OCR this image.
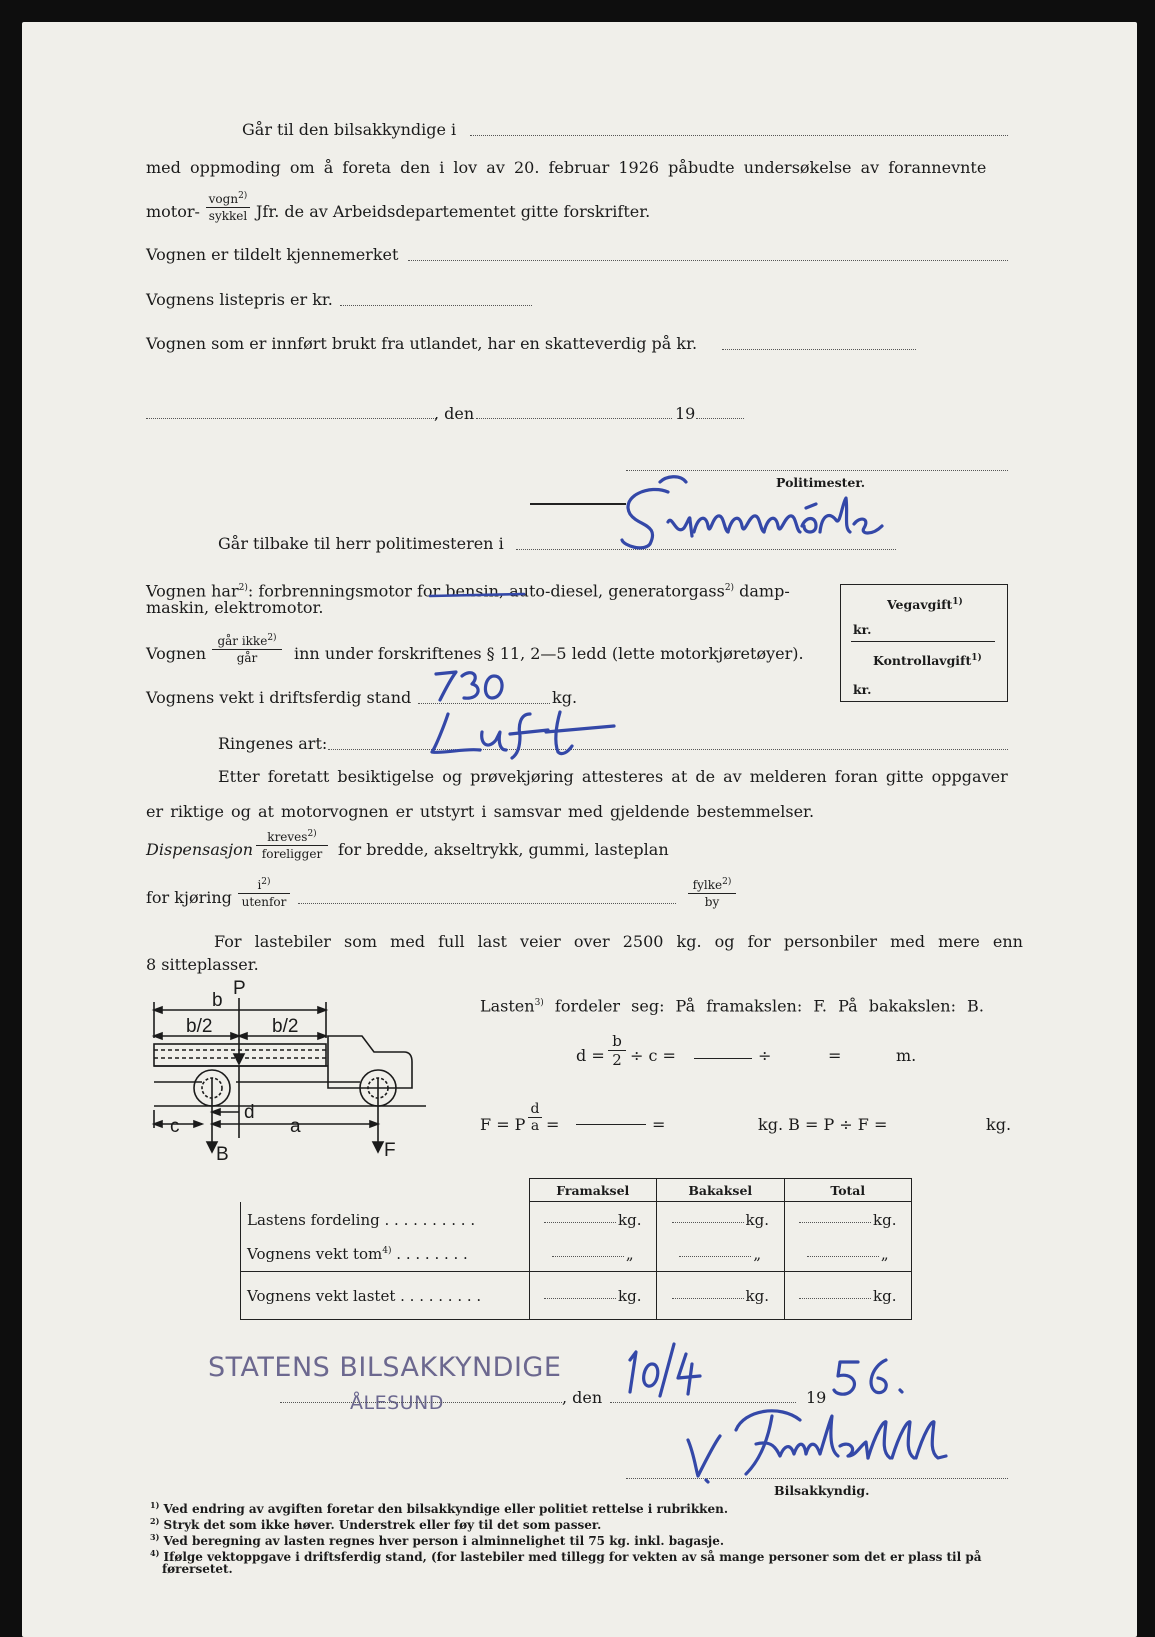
Går til den bilsakkyndige i
med oppmoding om å foreta den i lov av 20. februar 1926 påbudte undersøkelse av forannevnte
motor-
vogn$^{2)}$
sykkel Jfr. de av Arbeidsdepartementet gitte forskrifter.
Vognen er tildelt kjennemerket
Vognens listepris er kr.
Vognen som er innført brukt fra utlandet, har en skatteverdig på kr.
, den	19
Politimester.
Går tilbake til herr politimesteren i
Vognen har$^{2)}$: forbrenningsmotor for bensin, auto-diesel, generatorgass$^{2)}$ damp-
maskin, elektromotor.	Vegavgift$^{1)}$
kr.
Kontrollavgift$^{1)}$
kr.
Vognen
går ikke$^{2)}$
går	inn under forskriftenes § 11, 2—5 ledd (lette motorkjøretøyer).
Vognens vekt i driftsferdig stand	kg.
Ringenes art:
Etter foretatt besiktigelse og prøvekjøring attesteres at de av melderen foran gitte oppgaver
er riktige og at motorvognen er utstyrt i samsvar med gjeldende bestemmelser.
Dispensasjon
kreves$^{2)}$
foreligger for bredde, akseltrykk, gummi, lasteplan
for kjøring
$i^{2)}$
utenfor
fylke$^{2)}$
by
For lastebiler som med full last veier over 2500 kg. og for personbiler med mere enn
8 sitteplasser.
P
b
b/2	b/2
c
d
a
B	F
Lasten$^{3)}$ fordeler seg: På framakslen: F. På bakakslen: B.
$d = \frac{b}{2} \div c$ =	÷	=	m.
F = P $\frac{d}{a}$ =	=	kg. B = P ÷ F =	kg.
	Framaksel	Bakaksel	Total
Lastens fordeling . . . . . . . . . .	kg.	kg.	kg.
Vognens vekt tom$^{4)}$ . . . . . . . .	„	„	„
Vognens vekt lastet . . . . . . . . .	kg.	kg.	kg.
STATENS BILSAKKYNDIGE
ÅLESUND	, den	19
Bilsakkyndig.
$^{1)}$ Ved endring av avgiften foretar den bilsakkyndige eller politiet rettelse i rubrikken.
$^{2)}$ Stryk det som ikke høver. Understrek eller føy til det som passer.
$^{3)}$ Ved beregning av lasten regnes hver person i alminnelighet til 75 kg. inkl. bagasje.
$^{4)}$ Ifølge vektoppgave i driftsferdig stand, (for lastebiler med tillegg for vekten av så mange personer som det er plass til på
førersetet.
